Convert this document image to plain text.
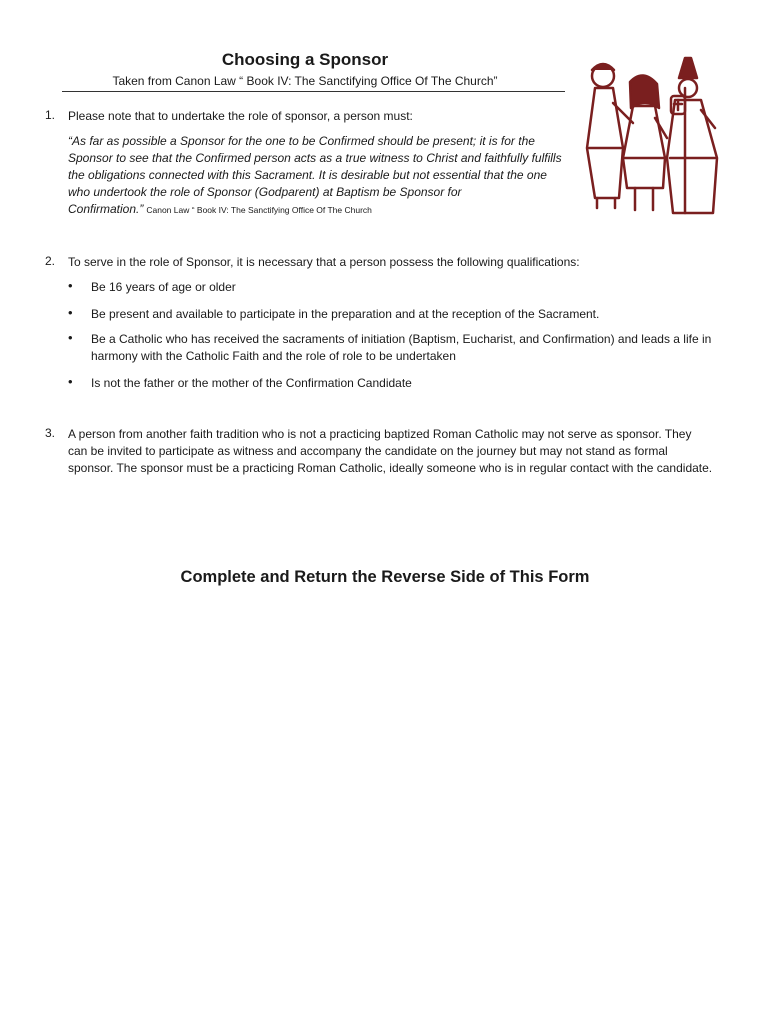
Choosing a Sponsor
Taken from Canon Law “ Book IV: The Sanctifying Office Of The Church”
1. Please note that to undertake the role of sponsor, a person must:
“As far as possible a Sponsor for the one to be Confirmed should be present; it is for the Sponsor to see that the Confirmed person acts as a true witness to Christ and faithfully fulfills the obligations connected with this Sacrament. It is desirable but not essential that the one who undertook the role of Sponsor (Godparent) at Baptism be Sponsor for Confirmation.” Canon Law “ Book IV: The Sanctifying Office Of The Church
2. To serve in the role of Sponsor, it is necessary that a person possess the following qualifications:
• Be 16 years of age or older
• Be present and available to participate in the preparation and at the reception of the Sacrament.
• Be a Catholic who has received the sacraments of initiation (Baptism, Eucharist, and Confirmation) and leads a life in harmony with the Catholic Faith and the role of role to be undertaken
• Is not the father or the mother of the Confirmation Candidate
3. A person from another faith tradition who is not a practicing baptized Roman Catholic may not serve as sponsor. They can be invited to participate as witness and accompany the candidate on the journey but may not stand as formal sponsor. The sponsor must be a practicing Roman Catholic, ideally someone who is in regular contact with the candidate.
Complete and Return the Reverse Side of This Form
